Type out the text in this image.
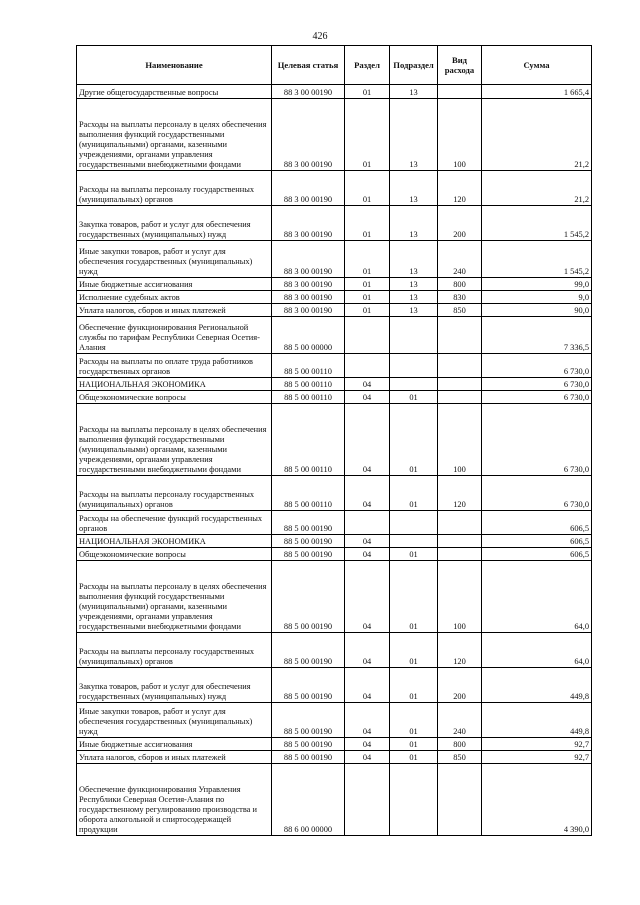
426
Наименование	Целевая статья	Раздел	Подраздел	Вид расхода	Сумма
Другие общегосударственные вопросы	88 3 00 00190	01	13		1 665,4
Расходы на выплаты персоналу в целях обеспечения выполнения функций государственными (муниципальными) органами, казенными учреждениями, органами управления государственными внебюджетными фондами	88 3 00 00190	01	13	100	21,2
Расходы на выплаты персоналу государственных (муниципальных) органов	88 3 00 00190	01	13	120	21,2
Закупка товаров, работ и услуг для обеспечения государственных (муниципальных) нужд	88 3 00 00190	01	13	200	1 545,2
Иные закупки товаров, работ и услуг для обеспечения государственных (муниципальных) нужд	88 3 00 00190	01	13	240	1 545,2
Иные бюджетные ассигнования	88 3 00 00190	01	13	800	99,0
Исполнение судебных актов	88 3 00 00190	01	13	830	9,0
Уплата налогов, сборов и иных платежей	88 3 00 00190	01	13	850	90,0
Обеспечение функционирования Региональной службы по тарифам Республики Северная Осетия-Алания	88 5 00 00000				7 336,5
Расходы на выплаты по оплате труда работников государственных органов	88 5 00 00110				6 730,0
НАЦИОНАЛЬНАЯ ЭКОНОМИКА	88 5 00 00110	04			6 730,0
Общеэкономические вопросы	88 5 00 00110	04	01		6 730,0
Расходы на выплаты персоналу в целях обеспечения выполнения функций государственными (муниципальными) органами, казенными учреждениями, органами управления государственными внебюджетными фондами	88 5 00 00110	04	01	100	6 730,0
Расходы на выплаты персоналу государственных (муниципальных) органов	88 5 00 00110	04	01	120	6 730,0
Расходы на обеспечение функций государственных органов	88 5 00 00190				606,5
НАЦИОНАЛЬНАЯ ЭКОНОМИКА	88 5 00 00190	04			606,5
Общеэкономические вопросы	88 5 00 00190	04	01		606,5
Расходы на выплаты персоналу в целях обеспечения выполнения функций государственными (муниципальными) органами, казенными учреждениями, органами управления государственными внебюджетными фондами	88 5 00 00190	04	01	100	64,0
Расходы на выплаты персоналу государственных (муниципальных) органов	88 5 00 00190	04	01	120	64,0
Закупка товаров, работ и услуг для обеспечения государственных (муниципальных) нужд	88 5 00 00190	04	01	200	449,8
Иные закупки товаров, работ и услуг для обеспечения государственных (муниципальных) нужд	88 5 00 00190	04	01	240	449,8
Иные бюджетные ассигнования	88 5 00 00190	04	01	800	92,7
Уплата налогов, сборов и иных платежей	88 5 00 00190	04	01	850	92,7
Обеспечение функционирования Управления Республики Северная Осетия-Алания по государственному регулированию производства и оборота алкогольной и спиртосодержащей продукции	88 6 00 00000				4 390,0
